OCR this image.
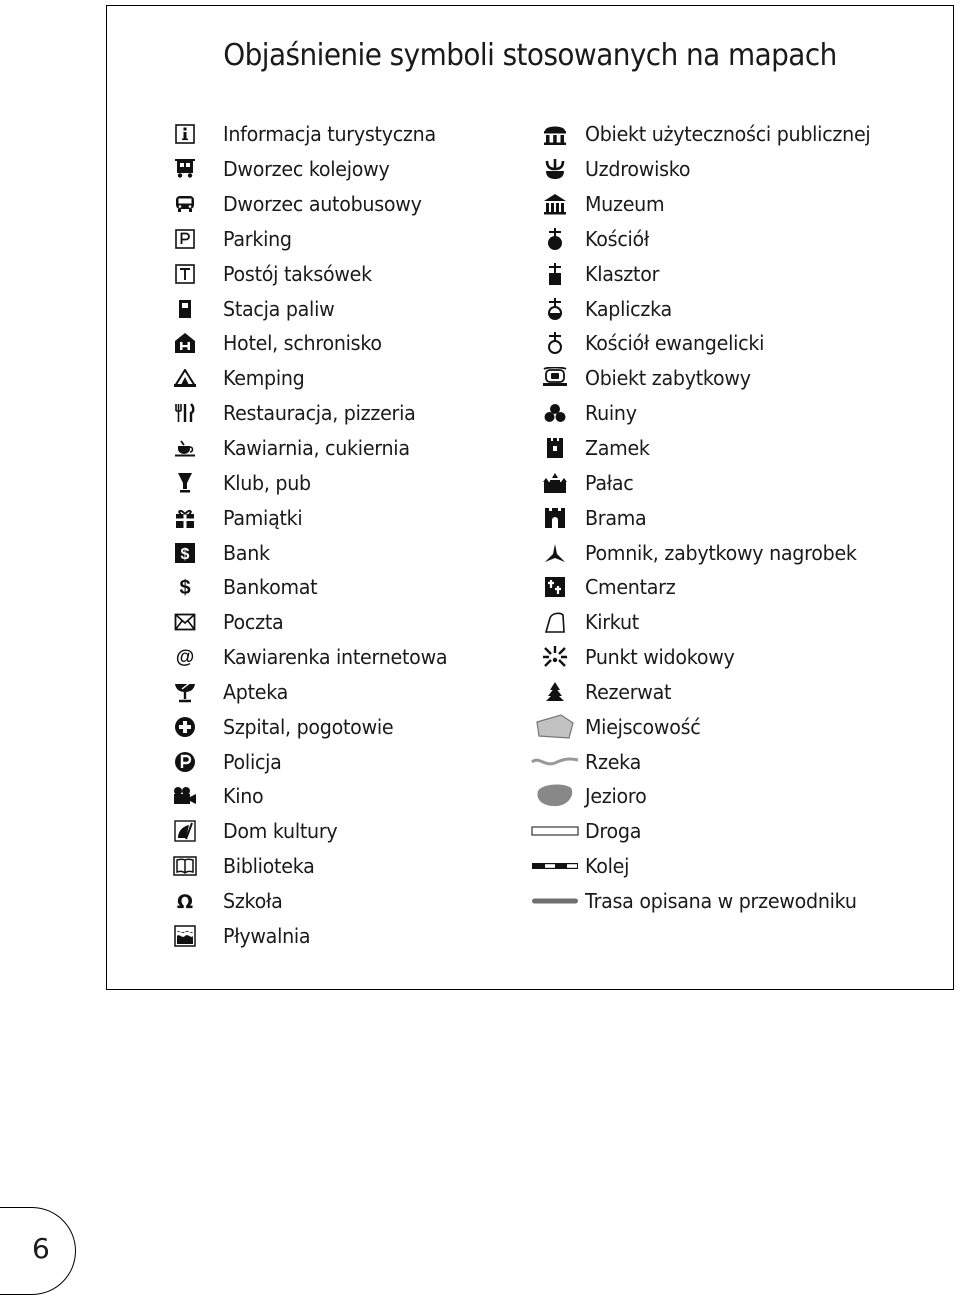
Objaśnienie symboli stosowanych na mapach
Informacja turystyczna
Dworzec kolejowy
Dworzec autobusowy
Parking
Postój taksówek
Stacja paliw
Hotel, schronisko
Kemping
Restauracja, pizzeria
Kawiarnia, cukiernia
Klub, pub
Pamiątki
$ Bank
$ Bankomat
Poczta
@ Kawiarenka internetowa
Apteka
Szpital, pogotowie
Policja
Kino
Dom kultury
Biblioteka
Ω Szkoła
Pływalnia
Obiekt użyteczności publicznej
Uzdrowisko
Muzeum
Kościół
Klasztor
Kapliczka
Kościół ewangelicki
Obiekt zabytkowy
Ruiny
Zamek
Pałac
Brama
Pomnik, zabytkowy nagrobek
Cmentarz
Kirkut
Punkt widokowy
Rezerwat
Miejscowość
Rzeka
Jezioro
Droga
Kolej
Trasa opisana w przewodniku
6
